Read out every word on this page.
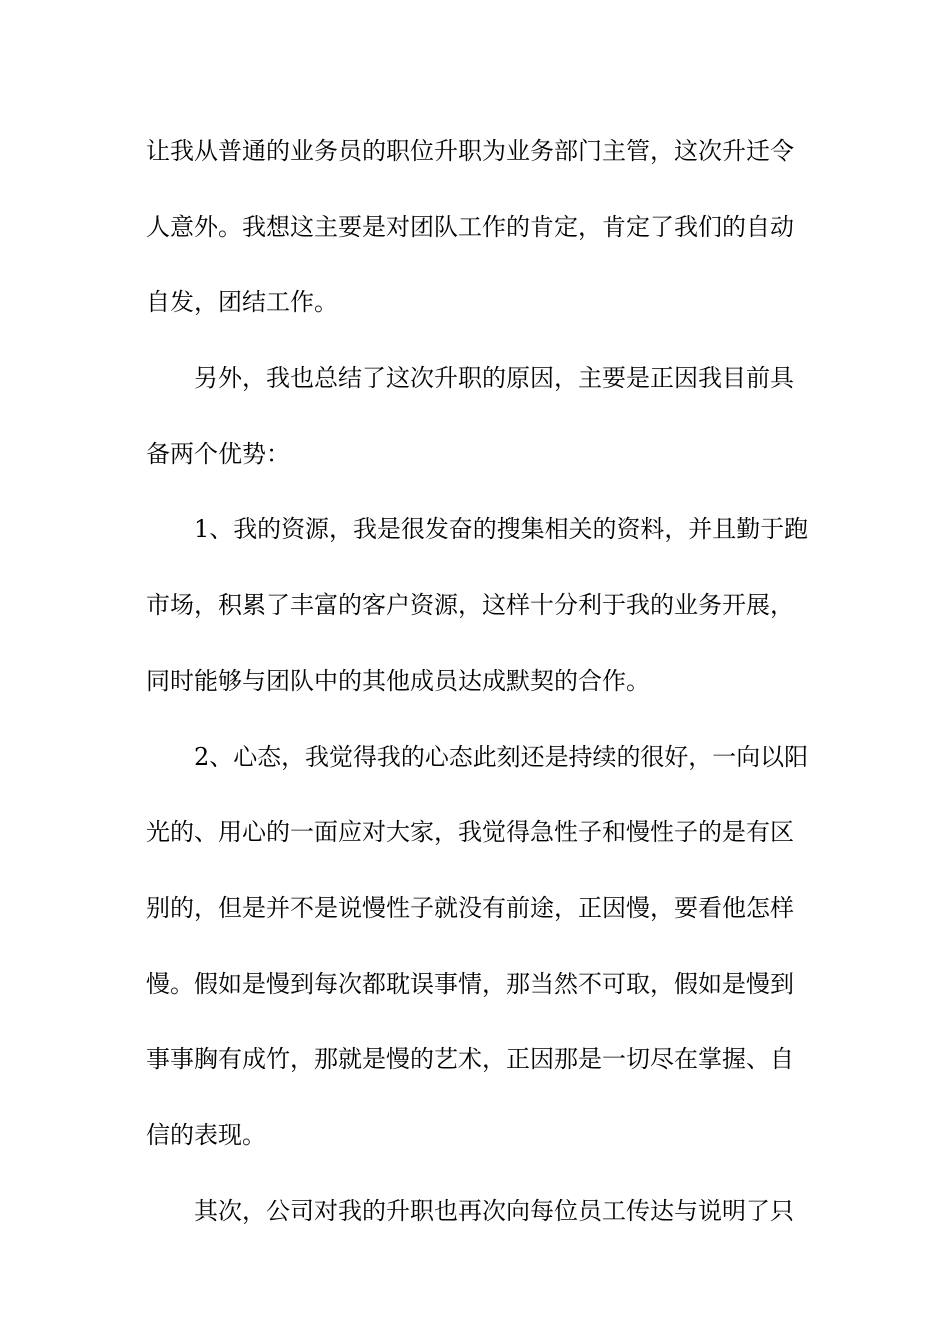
让我从普通的业务员的职位升职为业务部门主管，这次升迁令
人意外。我想这主要是对团队工作的肯定，肯定了我们的自动
自发，团结工作。
另外，我也总结了这次升职的原因，主要是正因我目前具
备两个优势：
1、我的资源，我是很发奋的搜集相关的资料，并且勤于跑
市场，积累了丰富的客户资源，这样十分利于我的业务开展，
同时能够与团队中的其他成员达成默契的合作。
2、心态，我觉得我的心态此刻还是持续的很好，一向以阳
光的、用心的一面应对大家，我觉得急性子和慢性子的是有区
别的，但是并不是说慢性子就没有前途，正因慢，要看他怎样
慢。假如是慢到每次都耽误事情，那当然不可取，假如是慢到
事事胸有成竹，那就是慢的艺术，正因那是一切尽在掌握、自
信的表现。
其次，公司对我的升职也再次向每位员工传达与说明了只
